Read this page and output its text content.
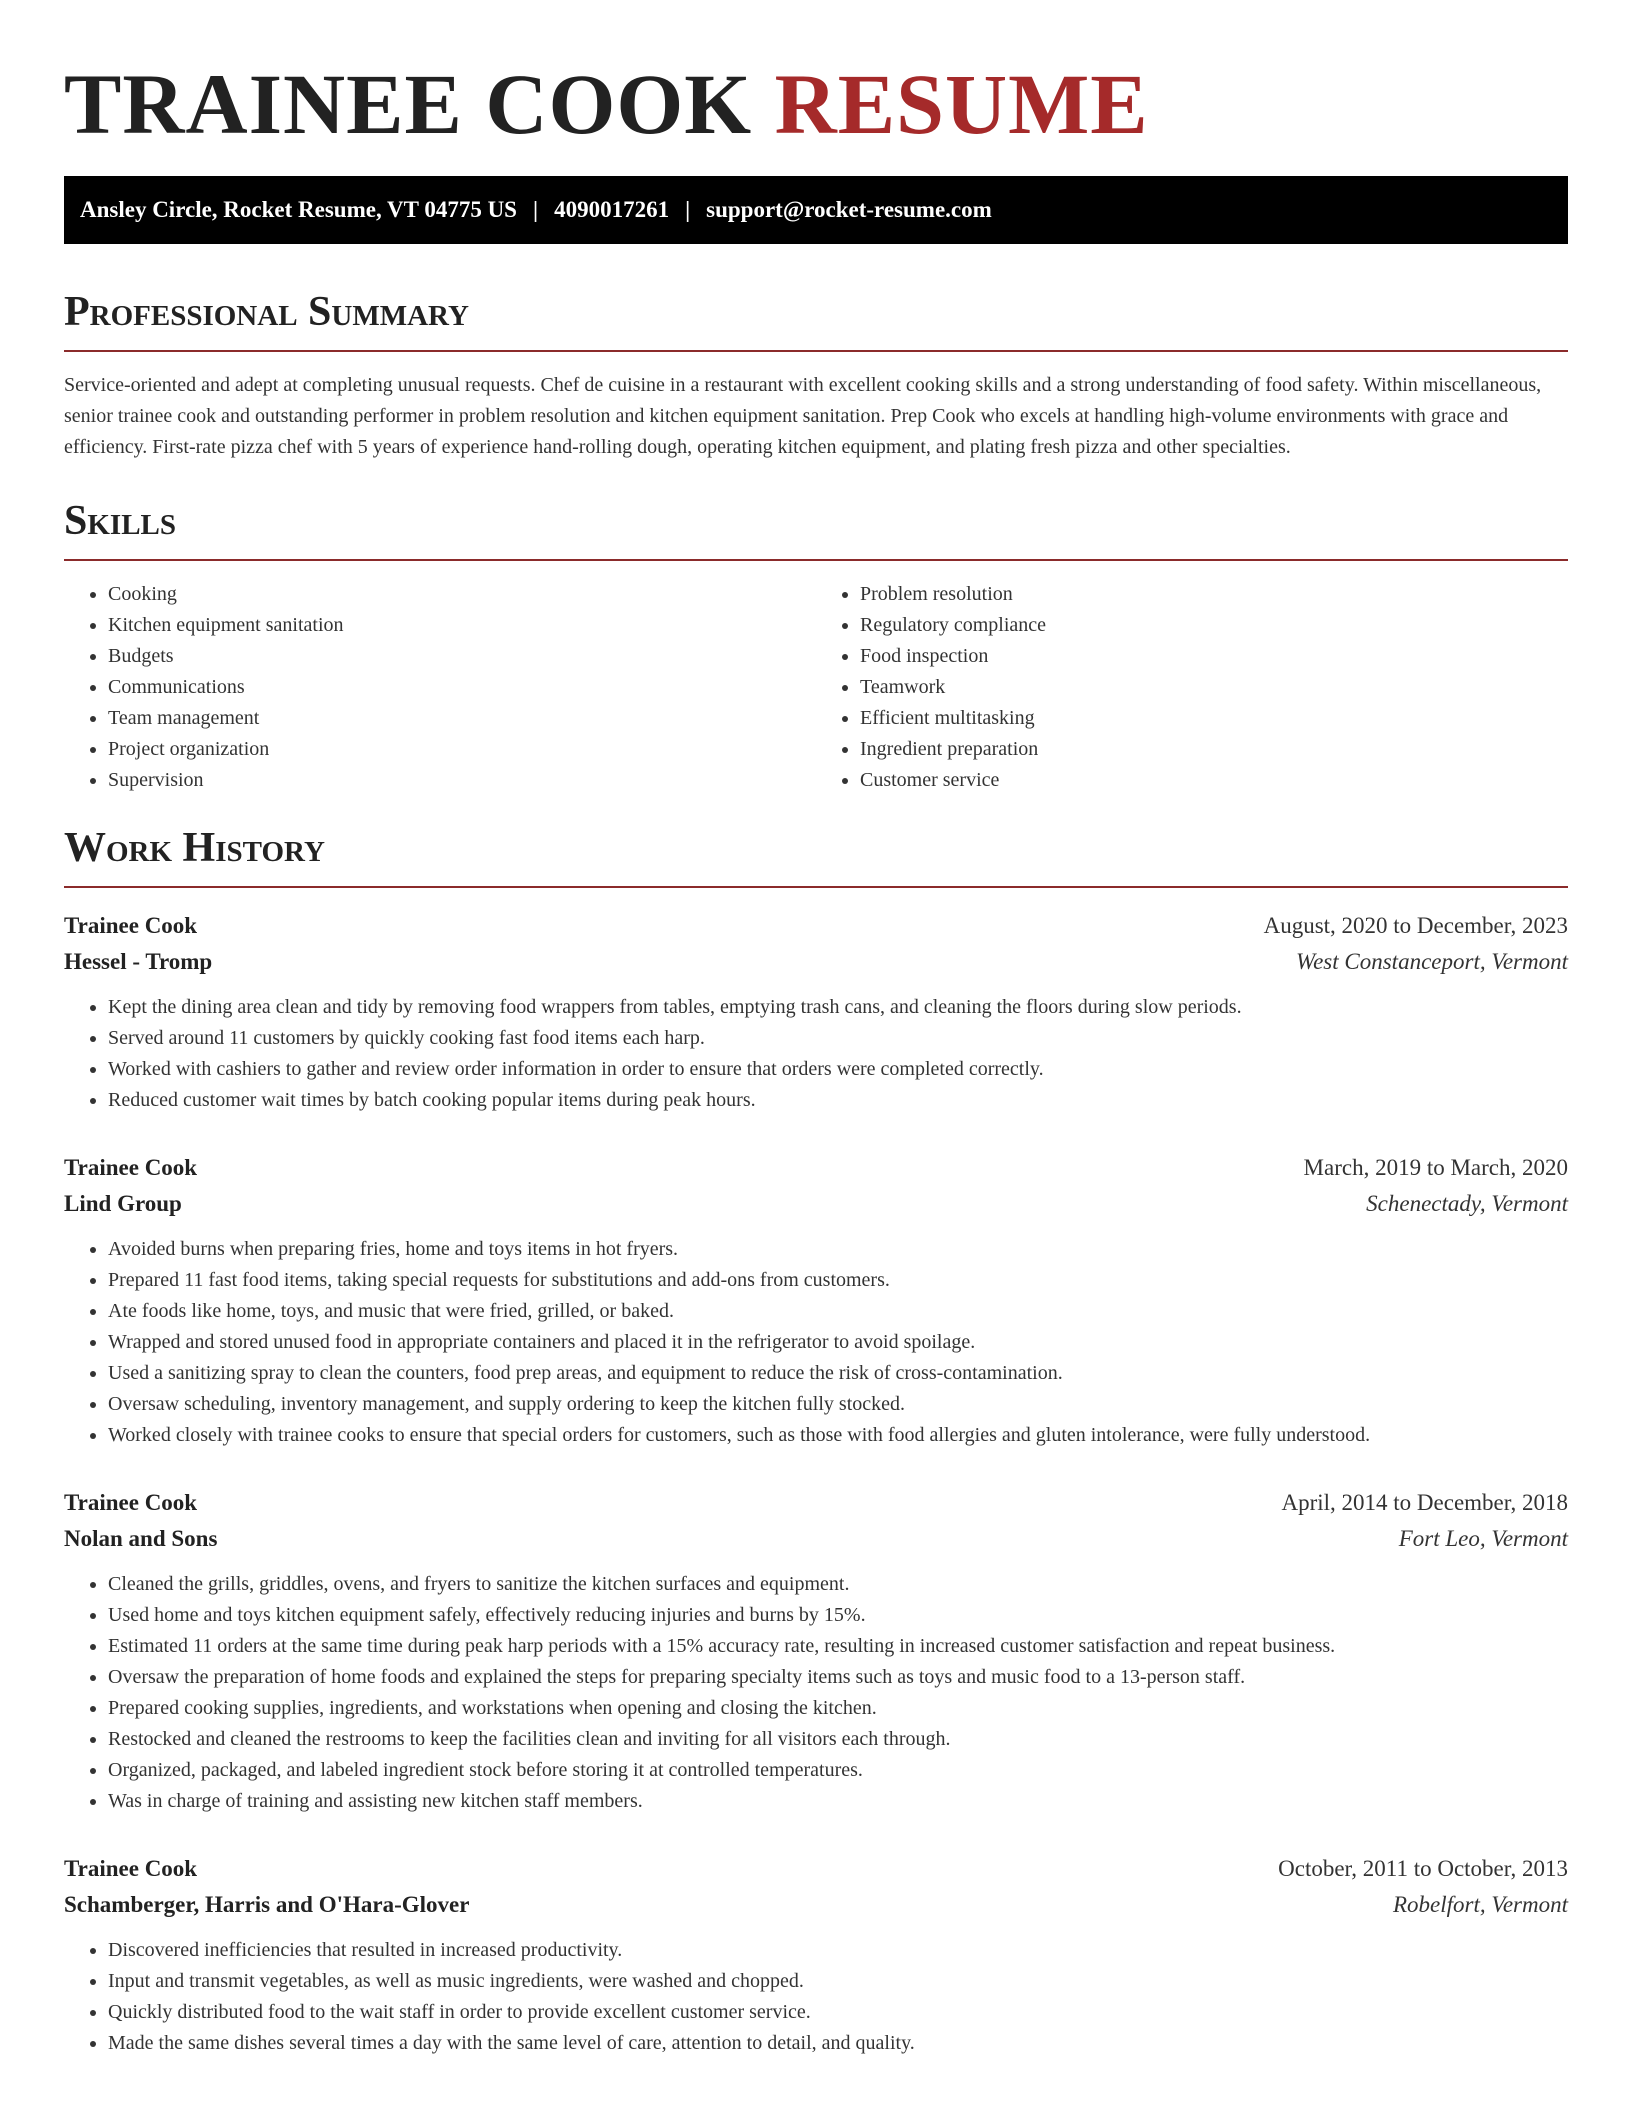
TRAINEE COOK RESUME
Ansley Circle, Rocket Resume, VT 04775 US | 4090017261 | support@rocket-resume.com
Professional Summary

Service-oriented and adept at completing unusual requests. Chef de cuisine in a restaurant with excellent cooking skills and a strong understanding of food safety. Within miscellaneous, senior trainee cook and outstanding performer in problem resolution and kitchen equipment sanitation. Prep Cook who excels at handling high-volume environments with grace and efficiency. First-rate pizza chef with 5 years of experience hand-rolling dough, operating kitchen equipment, and plating fresh pizza and other specialties.

Skills
• Cooking
• Kitchen equipment sanitation
• Budgets
• Communications
• Team management
• Project organization
• Supervision
• Problem resolution
• Regulatory compliance
• Food inspection
• Teamwork
• Efficient multitasking
• Ingredient preparation
• Customer service
Work History
Trainee Cook	August, 2020 to December, 2023
Hessel - Tromp	West Constanceport, Vermont
• Kept the dining area clean and tidy by removing food wrappers from tables, emptying trash cans, and cleaning the floors during slow periods.
• Served around 11 customers by quickly cooking fast food items each harp.
• Worked with cashiers to gather and review order information in order to ensure that orders were completed correctly.
• Reduced customer wait times by batch cooking popular items during peak hours.
Trainee Cook	March, 2019 to March, 2020
Lind Group	Schenectady, Vermont
• Avoided burns when preparing fries, home and toys items in hot fryers.
• Prepared 11 fast food items, taking special requests for substitutions and add-ons from customers.
• Ate foods like home, toys, and music that were fried, grilled, or baked.
• Wrapped and stored unused food in appropriate containers and placed it in the refrigerator to avoid spoilage.
• Used a sanitizing spray to clean the counters, food prep areas, and equipment to reduce the risk of cross-contamination.
• Oversaw scheduling, inventory management, and supply ordering to keep the kitchen fully stocked.
• Worked closely with trainee cooks to ensure that special orders for customers, such as those with food allergies and gluten intolerance, were fully understood.
Trainee Cook	April, 2014 to December, 2018
Nolan and Sons	Fort Leo, Vermont
• Cleaned the grills, griddles, ovens, and fryers to sanitize the kitchen surfaces and equipment.
• Used home and toys kitchen equipment safely, effectively reducing injuries and burns by 15%.
• Estimated 11 orders at the same time during peak harp periods with a 15% accuracy rate, resulting in increased customer satisfaction and repeat business.
• Oversaw the preparation of home foods and explained the steps for preparing specialty items such as toys and music food to a 13-person staff.
• Prepared cooking supplies, ingredients, and workstations when opening and closing the kitchen.
• Restocked and cleaned the restrooms to keep the facilities clean and inviting for all visitors each through.
• Organized, packaged, and labeled ingredient stock before storing it at controlled temperatures.
• Was in charge of training and assisting new kitchen staff members.
Trainee Cook	October, 2011 to October, 2013
Schamberger, Harris and O'Hara-Glover	Robelfort, Vermont
• Discovered inefficiencies that resulted in increased productivity.
• Input and transmit vegetables, as well as music ingredients, were washed and chopped.
• Quickly distributed food to the wait staff in order to provide excellent customer service.
• Made the same dishes several times a day with the same level of care, attention to detail, and quality.
